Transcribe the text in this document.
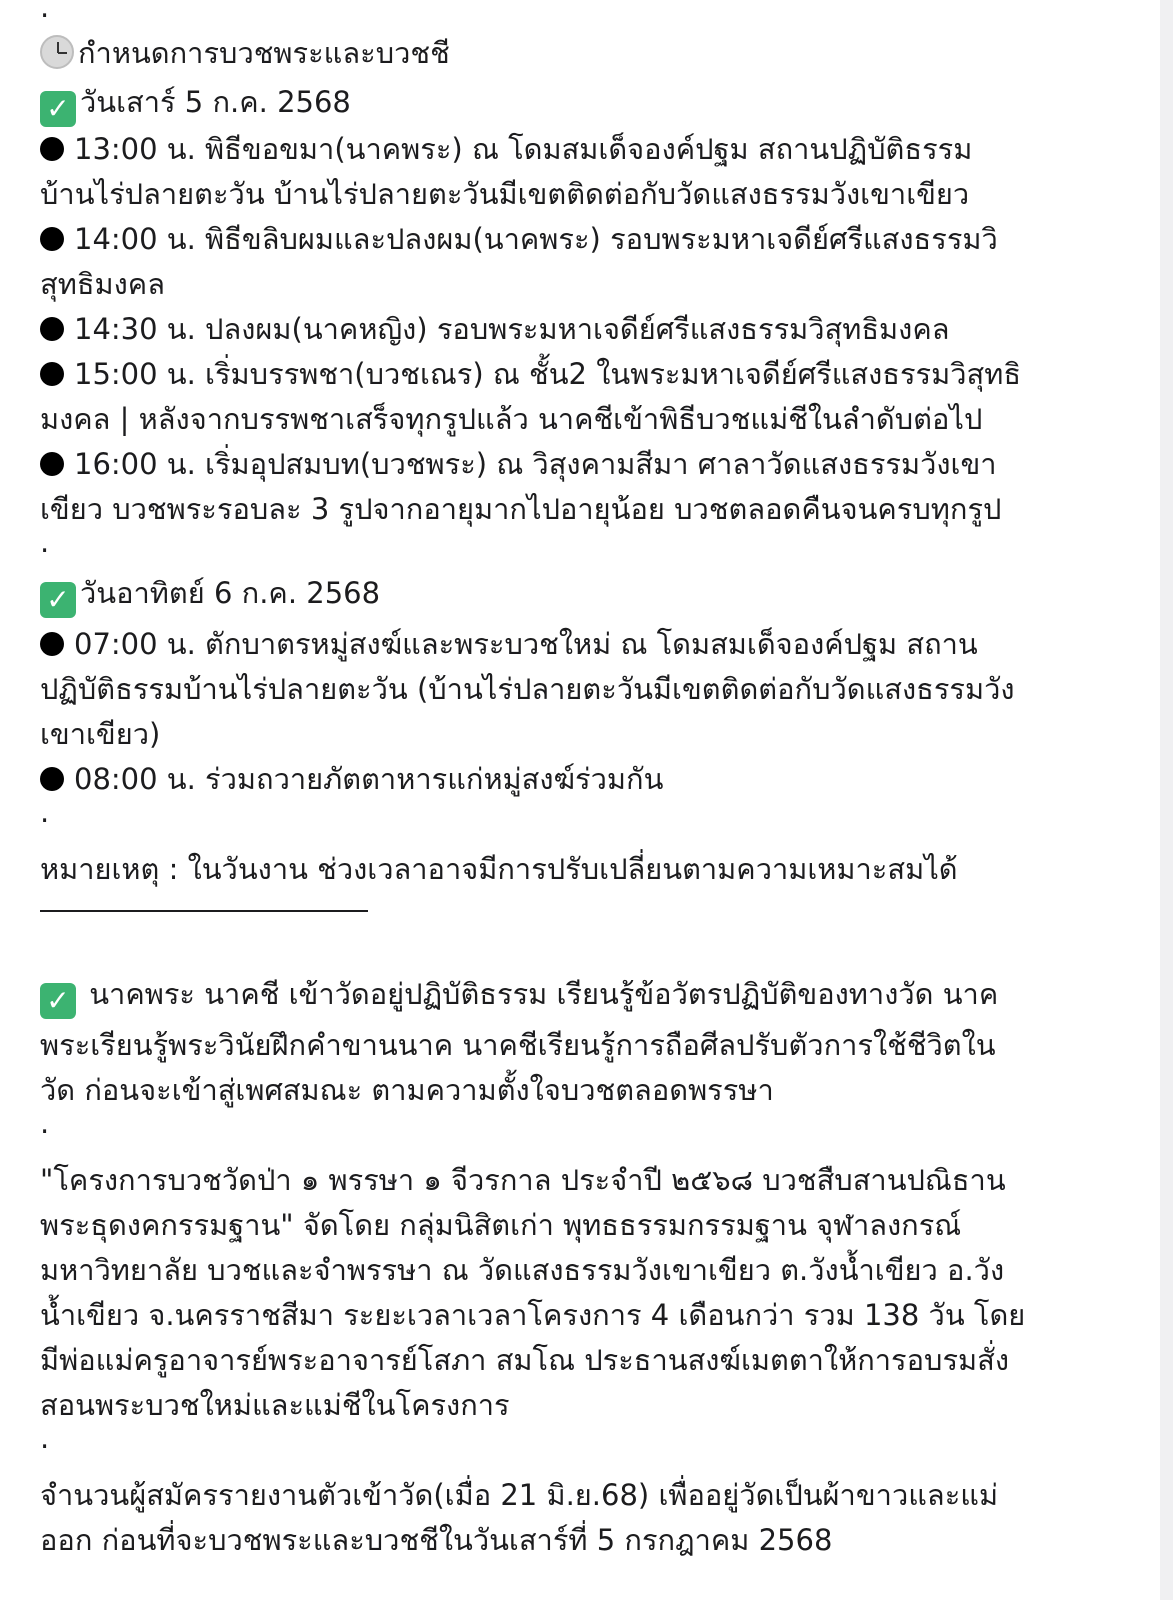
.
กำหนดการบวชพระและบวชชี
✓ วันเสาร์ 5 ก.ค. 2568
13:00 น. พิธีขอขมา(นาคพระ) ณ โดมสมเด็จองค์ปฐม สถานปฏิบัติธรรม
บ้านไร่ปลายตะวัน บ้านไร่ปลายตะวันมีเขตติดต่อกับวัดแสงธรรมวังเขาเขียว
14:00 น. พิธีขลิบผมและปลงผม(นาคพระ) รอบพระมหาเจดีย์ศรีแสงธรรมวิ
สุทธิมงคล
14:30 น. ปลงผม(นาคหญิง) รอบพระมหาเจดีย์ศรีแสงธรรมวิสุทธิมงคล
15:00 น. เริ่มบรรพชา(บวชเณร) ณ ชั้น2 ในพระมหาเจดีย์ศรีแสงธรรมวิสุทธิ
มงคล | หลังจากบรรพชาเสร็จทุกรูปแล้ว นาคชีเข้าพิธีบวชแม่ชีในลำดับต่อไป
16:00 น. เริ่มอุปสมบท(บวชพระ) ณ วิสุงคามสีมา ศาลาวัดแสงธรรมวังเขา
เขียว บวชพระรอบละ 3 รูปจากอายุมากไปอายุน้อย บวชตลอดคืนจนครบทุกรูป
.
✓ วันอาทิตย์ 6 ก.ค. 2568
07:00 น. ตักบาตรหมู่สงฆ์และพระบวชใหม่ ณ โดมสมเด็จองค์ปฐม สถาน
ปฏิบัติธรรมบ้านไร่ปลายตะวัน (บ้านไร่ปลายตะวันมีเขตติดต่อกับวัดแสงธรรมวัง
เขาเขียว)
08:00 น. ร่วมถวายภัตตาหารแก่หมู่สงฆ์ร่วมกัน
.
หมายเหตุ : ในวันงาน ช่วงเวลาอาจมีการปรับเปลี่ยนตามความเหมาะสมได้
✓ นาคพระ นาคชี เข้าวัดอยู่ปฏิบัติธรรม เรียนรู้ข้อวัตรปฏิบัติของทางวัด นาค
พระเรียนรู้พระวินัยฝึกคำขานนาค นาคชีเรียนรู้การถือศีลปรับตัวการใช้ชีวิตใน
วัด ก่อนจะเข้าสู่เพศสมณะ ตามความตั้งใจบวชตลอดพรรษา
.
"โครงการบวชวัดป่า ๑ พรรษา ๑ จีวรกาล ประจำปี ๒๕๖๘ บวชสืบสานปณิธาน
พระธุดงคกรรมฐาน" จัดโดย กลุ่มนิสิตเก่า พุทธธรรมกรรมฐาน จุฬาลงกรณ์
มหาวิทยาลัย บวชและจำพรรษา ณ วัดแสงธรรมวังเขาเขียว ต.วังน้ำเขียว อ.วัง
น้ำเขียว จ.นครราชสีมา ระยะเวลาเวลาโครงการ 4 เดือนกว่า รวม 138 วัน โดย
มีพ่อแม่ครูอาจารย์พระอาจารย์โสภา สมโณ ประธานสงฆ์เมตตาให้การอบรมสั่ง
สอนพระบวชใหม่และแม่ชีในโครงการ
.
จำนวนผู้สมัครรายงานตัวเข้าวัด(เมื่อ 21 มิ.ย.68) เพื่ออยู่วัดเป็นผ้าขาวและแม่
ออก ก่อนที่จะบวชพระและบวชชีในวันเสาร์ที่ 5 กรกฎาคม 2568
